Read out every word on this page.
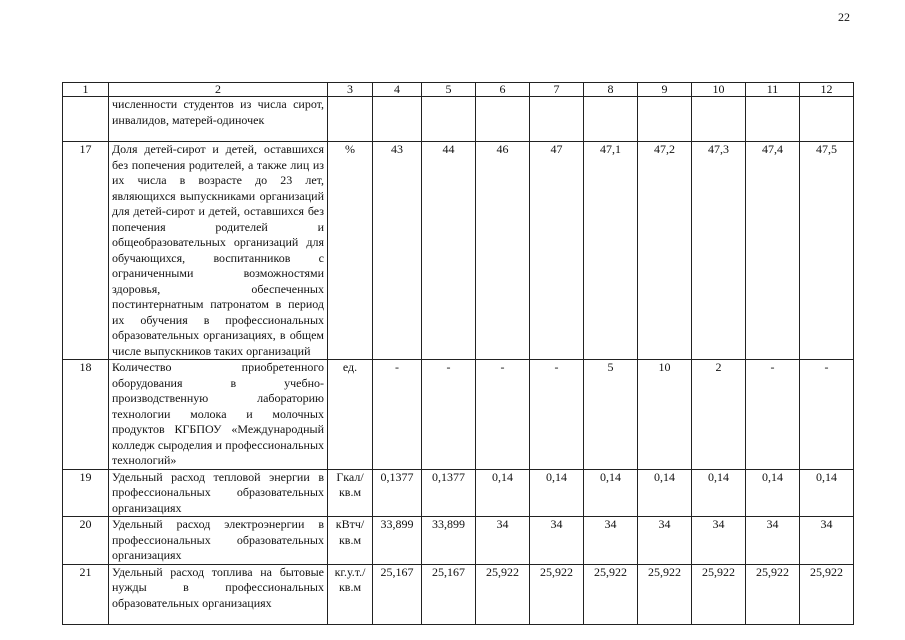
22
1	2	3	4	5	6	7	8	9	10	11	12
	численности студентов из числа сирот, инвалидов, матерей-одиночек										
17	Доля детей-сирот и детей, оставшихся без попечения родителей, а также лиц из их числа в возрасте до 23 лет, являющихся выпускниками организаций для детей-сирот и детей, оставшихся без попечения родителей и общеобразовательных организаций для обучающихся, воспитанников с ограниченными возможностями здоровья, обеспеченных постинтернатным патронатом в период их обучения в профессиональных образовательных организациях, в общем числе выпускников таких организаций	%	43	44	46	47	47,1	47,2	47,3	47,4	47,5
18	Количество приобретенного оборудования в учебно-производственную лабораторию технологии молока и молочных продуктов КГБПОУ «Международный колледж сыроделия и профессиональных технологий»	ед.	-	-	-	-	5	10	2	-	-
19	Удельный расход тепловой энергии в профессиональных образовательных организациях	Гкал/кв.м	0,1377	0,1377	0,14	0,14	0,14	0,14	0,14	0,14	0,14
20	Удельный расход электроэнергии в профессиональных образовательных организациях	кВтч/кв.м	33,899	33,899	34	34	34	34	34	34	34
21	Удельный расход топлива на бытовые нужды в профессиональных образовательных организациях	кг.у.т./кв.м	25,167	25,167	25,922	25,922	25,922	25,922	25,922	25,922	25,922
